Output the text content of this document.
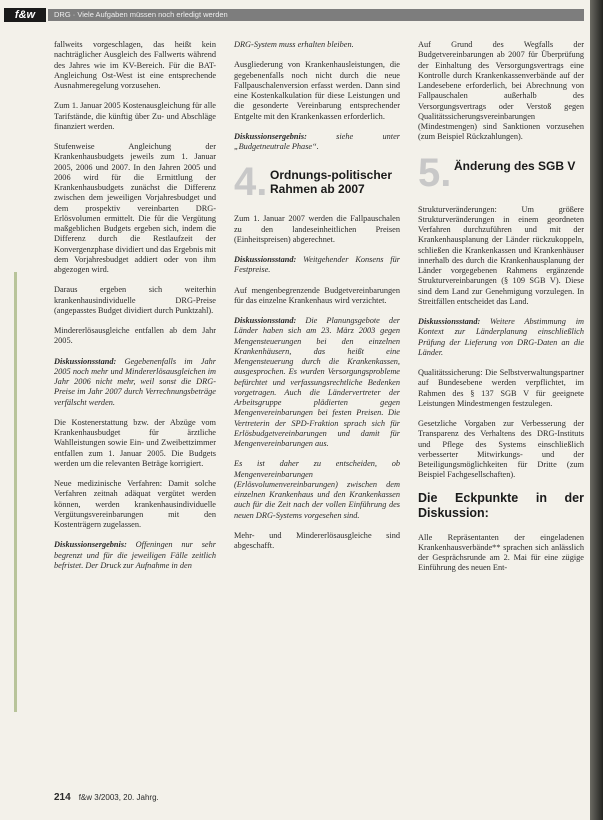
f&w	DRG · Viele Aufgaben müssen noch erledigt werden

fallweits vorgeschlagen, das heißt kein nachträglicher Ausgleich des Fallwerts während des Jahres wie im KV-Bereich. Für die BAT-Angleichung Ost-West ist eine entsprechende Ausnahmeregelung vorzusehen.

Zum 1. Januar 2005 Kostenausgleichung für alle Tarifstände, die künftig über Zu- und Abschläge finanziert werden.

Stufenweise Angleichung der Krankenhausbudgets jeweils zum 1. Januar 2005, 2006 und 2007. In den Jahren 2005 und 2006 wird für die Ermittlung der Krankenhausbudgets zunächst die Differenz zwischen dem jeweiligen Vorjahresbudget und dem prospektiv vereinbarten DRG-Erlösvolumen ermittelt. Die für die Vergütung maßgeblichen Budgets ergeben sich, indem die Differenz durch die Restlaufzeit der Konvergenzphase dividiert und das Ergebnis mit dem Vorjahresbudget addiert oder von ihm abgezogen wird.

Daraus ergeben sich weiterhin krankenhausindividuelle DRG-Preise (angepasstes Budget dividiert durch Punktzahl).

Mindererlösausgleiche entfallen ab dem Jahr 2005.

Diskussionsstand: Gegebenenfalls im Jahr 2005 noch mehr und Mindererlösausgleichen im Jahr 2006 nicht mehr, weil sonst die DRG-Preise im Jahr 2007 durch Verrechnungsbeträge verfälscht werden.

Die Kostenerstattung bzw. der Abzüge vom Krankenhausbudget für ärztliche Wahlleistungen sowie Ein- und Zweibettzimmer entfallen zum 1. Januar 2005. Die Budgets werden um die relevanten Beträge korrigiert.

Neue medizinische Verfahren: Damit solche Verfahren zeitnah adäquat vergütet werden können, werden krankenhausindividuelle Vergütungsvereinbarungen mit den Kostenträgern zugelassen.

Diskussionsergebnis: Offeningen nur sehr begrenzt und für die jeweiligen Fälle zeitlich befristet. Der Druck zur Aufnahme in den

DRG-System muss erhalten bleiben.

Ausgliederung von Krankenhausleistungen, die gegebenenfalls noch nicht durch die neue Fallpauschalenversion erfasst werden. Dann sind eine Kostenkalkulation für diese Leistungen und die gesonderte Vereinbarung entsprechender Entgelte mit den Krankenkassen erforderlich.

Diskussionsergebnis: siehe unter „Budgetneutrale Phase“.

4. Ordnungs-politischer Rahmen ab 2007

Zum 1. Januar 2007 werden die Fallpauschalen zu den landeseinheitlichen Preisen (Einheitspreisen) abgerechnet.

Diskussionsstand: Weitgehender Konsens für Festpreise.

Auf mengenbegrenzende Budgetvereinbarungen für das einzelne Krankenhaus wird verzichtet.

Diskussionsstand: Die Planungsgebote der Länder haben sich am 23. März 2003 gegen Mengensteuerungen bei den einzelnen Krankenhäusern, das heißt eine Mengensteuerung durch die Krankenkassen, ausgesprochen. Es wurden Versorgungsprobleme befürchtet und verfassungsrechtliche Bedenken vorgetragen. Auch die Ländervertreter der Arbeitsgruppe plädierten gegen Mengenvereinbarungen bei festen Preisen. Die Vertreterin der SPD-Fraktion sprach sich für Erlösbudgetvereinbarungen und damit für Mengenvereinbarungen aus.

Es ist daher zu entscheiden, ob Mengenvereinbarungen (Erlösvolumenvereinbarungen) zwischen dem einzelnen Krankenhaus und den Krankenkassen auch für die Zeit nach der vollen Einführung des neuen DRG-Systems vorgesehen sind.

Mehr- und Mindererlösausgleiche sind abgeschafft.

Auf Grund des Wegfalls der Budgetvereinbarungen ab 2007 für Überprüfung der Einhaltung des Versorgungsvertrags eine Kontrolle durch Krankenkassenverbände auf der Landesebene erforderlich, bei Abrechnung von Fallpauschalen außerhalb des Versorgungsvertrags oder Verstoß gegen Qualitätssicherungsvereinbarungen (Mindestmengen) sind Sanktionen vorzusehen (zum Beispiel Rückzahlungen).

5. Änderung des SGB V

Strukturveränderungen: Um größere Strukturveränderungen in einem geordneten Verfahren durchzuführen und mit der Krankenhausplanung der Länder rückzukoppeln, schließen die Krankenkassen und Krankenhäuser innerhalb des durch die Krankenhausplanung der Länder vorgegebenen Rahmens ergänzende Strukturvereinbarungen (§ 109 SGB V). Diese sind dem Land zur Genehmigung vorzulegen. In Streitfällen entscheidet das Land.

Diskussionsstand: Weitere Abstimmung im Kontext zur Länderplanung einschließlich Prüfung der Lieferung von DRG-Daten an die Länder.

Qualitätssicherung: Die Selbstverwaltungspartner auf Bundesebene werden verpflichtet, im Rahmen des § 137 SGB V für geeignete Leistungen Mindestmengen festzulegen.

Gesetzliche Vorgaben zur Verbesserung der Transparenz des Verhaltens des DRG-Instituts und Pflege des Systems einschließlich verbesserter Mitwirkungs- und der Beteiligungsmöglichkeiten für Dritte (zum Beispiel Fachgesellschaften).

Die Eckpunkte in der Diskussion:

Alle Repräsentanten der eingeladenen Krankenhausverbände** sprachen sich anlässlich der Gesprächsrunde am 2. Mai für eine zügige Einführung des neuen Ent-

214 f&w 3/2003, 20. Jahrg.
